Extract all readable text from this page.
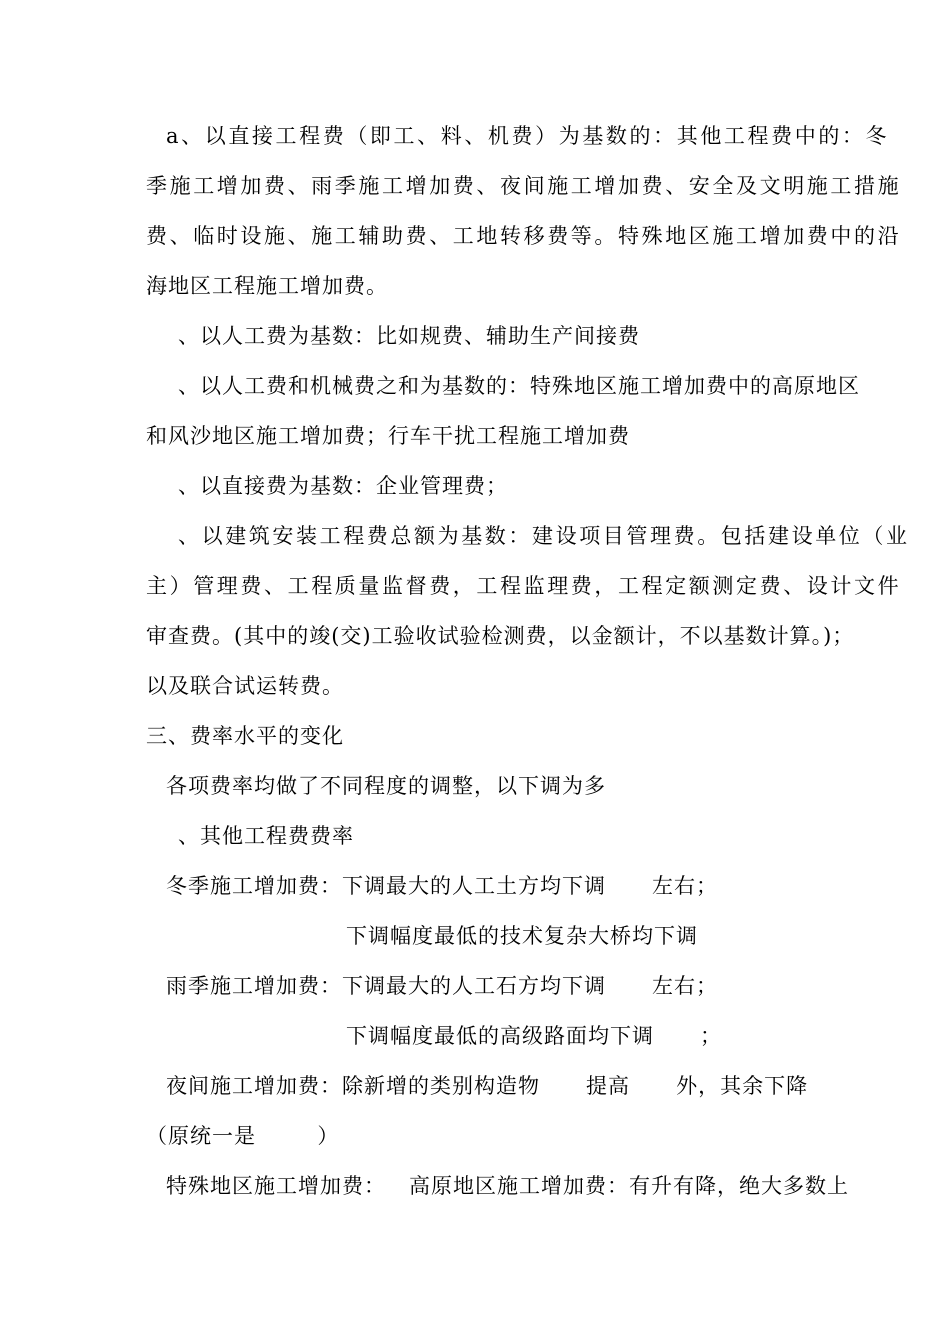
a、以直接工程费（即工、料、机费）为基数的：其他工程费中的：冬
季施工增加费、雨季施工增加费、夜间施工增加费、安全及文明施工措施
费、临时设施、施工辅助费、工地转移费等。特殊地区施工增加费中的沿
海地区工程施工增加费。
、以人工费为基数：比如规费、辅助生产间接费
、以人工费和机械费之和为基数的：特殊地区施工增加费中的高原地区
和风沙地区施工增加费；行车干扰工程施工增加费
、以直接费为基数：企业管理费；
、以建筑安装工程费总额为基数：建设项目管理费。包括建设单位（业
主）管理费、工程质量监督费，工程监理费，工程定额测定费、设计文件
审查费。(其中的竣(交)工验收试验检测费，以金额计，不以基数计算。)；
以及联合试运转费。
三、费率水平的变化
各项费率均做了不同程度的调整，以下调为多
、其他工程费费率
冬季施工增加费：下调最大的人工土方均下调      左右；
下调幅度最低的技术复杂大桥均下调
雨季施工增加费：下调最大的人工石方均下调      左右；
下调幅度最低的高级路面均下调      ；
夜间施工增加费：除新增的类别构造物      提高      外，其余下降
（原统一是        ）
特殊地区施工增加费：   高原地区施工增加费：有升有降，绝大多数上
